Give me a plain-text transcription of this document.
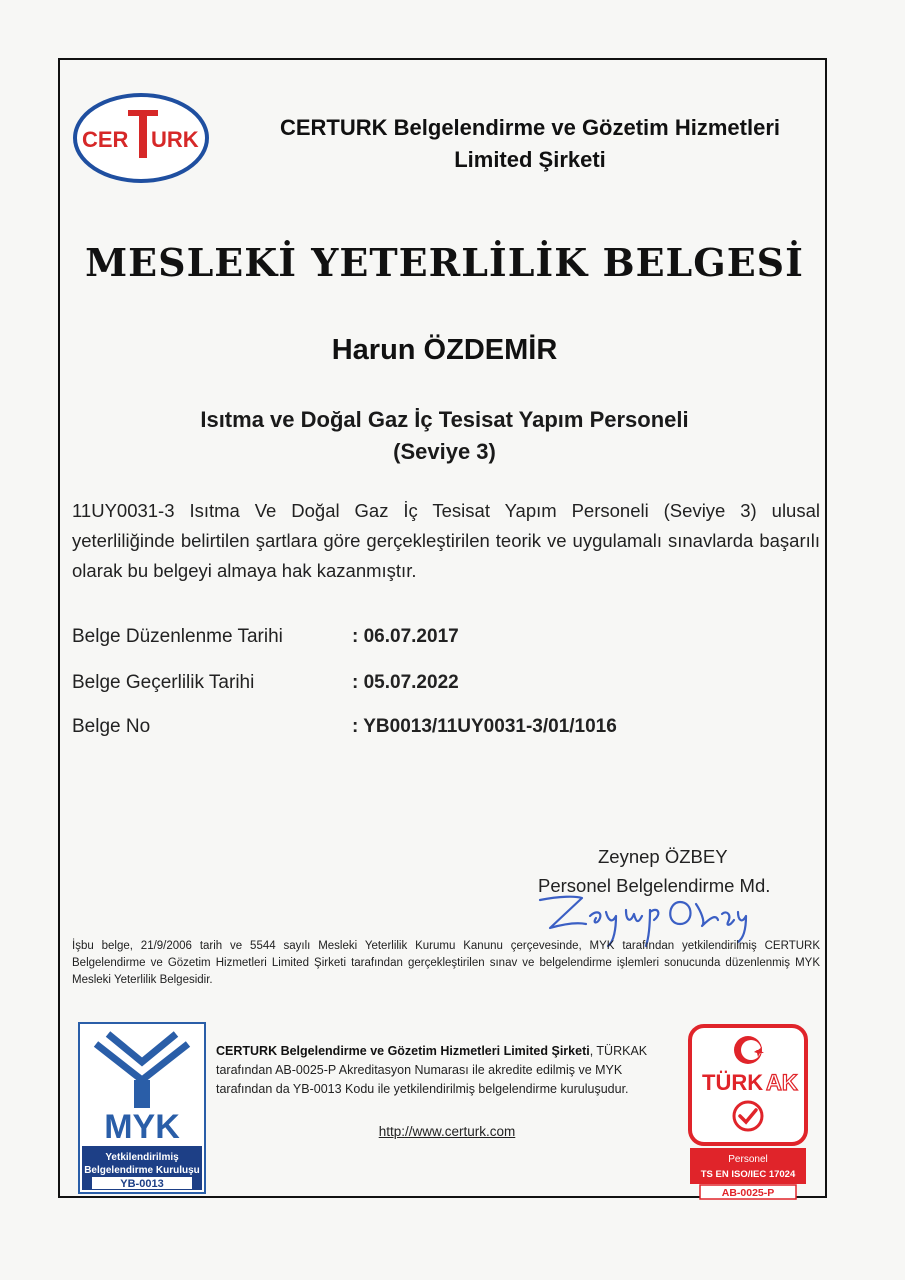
CER URK	CERTURK Belgelendirme ve Gözetim Hizmetleri
Limited Şirketi
MESLEKİ YETERLİLİK BELGESİ
Harun ÖZDEMİR
Isıtma ve Doğal Gaz İç Tesisat Yapım Personeli
(Seviye 3)
11UY0031-3 Isıtma Ve Doğal Gaz İç Tesisat Yapım Personeli (Seviye 3) ulusal yeterliliğinde belirtilen şartlara göre gerçekleştirilen teorik ve uygulamalı sınavlarda başarılı olarak bu belgeyi almaya hak kazanmıştır.
Belge Düzenlenme Tarihi	: 06.07.2017
Belge Geçerlilik Tarihi	: 05.07.2022
Belge No	: YB0013/11UY0031-3/01/1016
Zeynep ÖZBEY
Personel Belgelendirme Md.
İşbu belge, 21/9/2006 tarih ve 5544 sayılı Mesleki Yeterlilik Kurumu Kanunu çerçevesinde, MYK tarafından yetkilendirilmiş CERTURK Belgelendirme ve Gözetim Hizmetleri Limited Şirketi tarafından gerçekleştirilen sınav ve belgelendirme işlemleri sonucunda düzenlenmiş MYK Mesleki Yeterlilik Belgesidir.
MYK
Yetkilendirilmiş
Belgelendirme Kuruluşu
YB-0013
CERTURK Belgelendirme ve Gözetim Hizmetleri Limited Şirketi, TÜRKAK tarafından AB-0025-P Akreditasyon Numarası ile akredite edilmiş ve MYK tarafından da YB-0013 Kodu ile yetkilendirilmiş belgelendirme kuruluşudur.
http://www.certurk.com
TÜRK AK
Personel
TS EN ISO/IEC 17024
AB-0025-P
